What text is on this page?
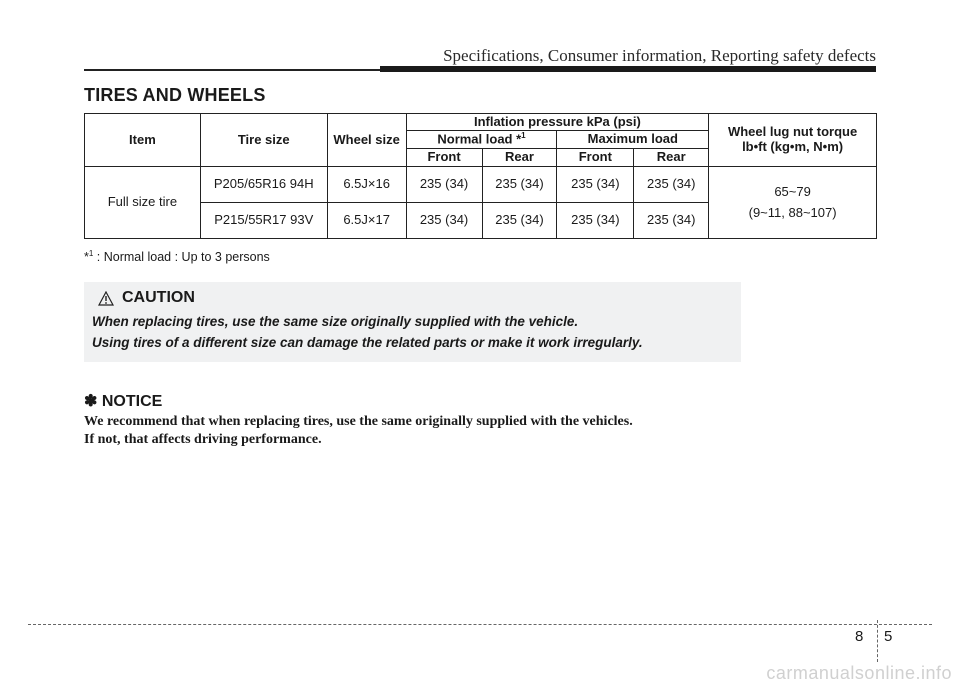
Specifications, Consumer information, Reporting safety defects
TIRES AND WHEELS
Item	Tire size	Wheel size	Inflation pressure kPa (psi)				Wheel lug nut torque
lb•ft (kg•m, N•m)
			Normal load *$^1$		Maximum load		
			Front	Rear	Front	Rear	
Full size tire	P205/65R16 94H	6.5J×16	235 (34)	235 (34)	235 (34)	235 (34)	65~79
(9~11, 88~107)
	P215/55R17 93V	6.5J×17	235 (34)	235 (34)	235 (34)	235 (34)	
*$^1$ : Normal load : Up to 3 persons
CAUTION
When replacing tires, use the same size originally supplied with the vehicle.
Using tires of a different size can damage the related parts or make it work irregularly.
✽ NOTICE
We recommend that when replacing tires, use the same originally supplied with the vehicles.
If not, that affects driving performance.
8 5
carmanualsonline.info
